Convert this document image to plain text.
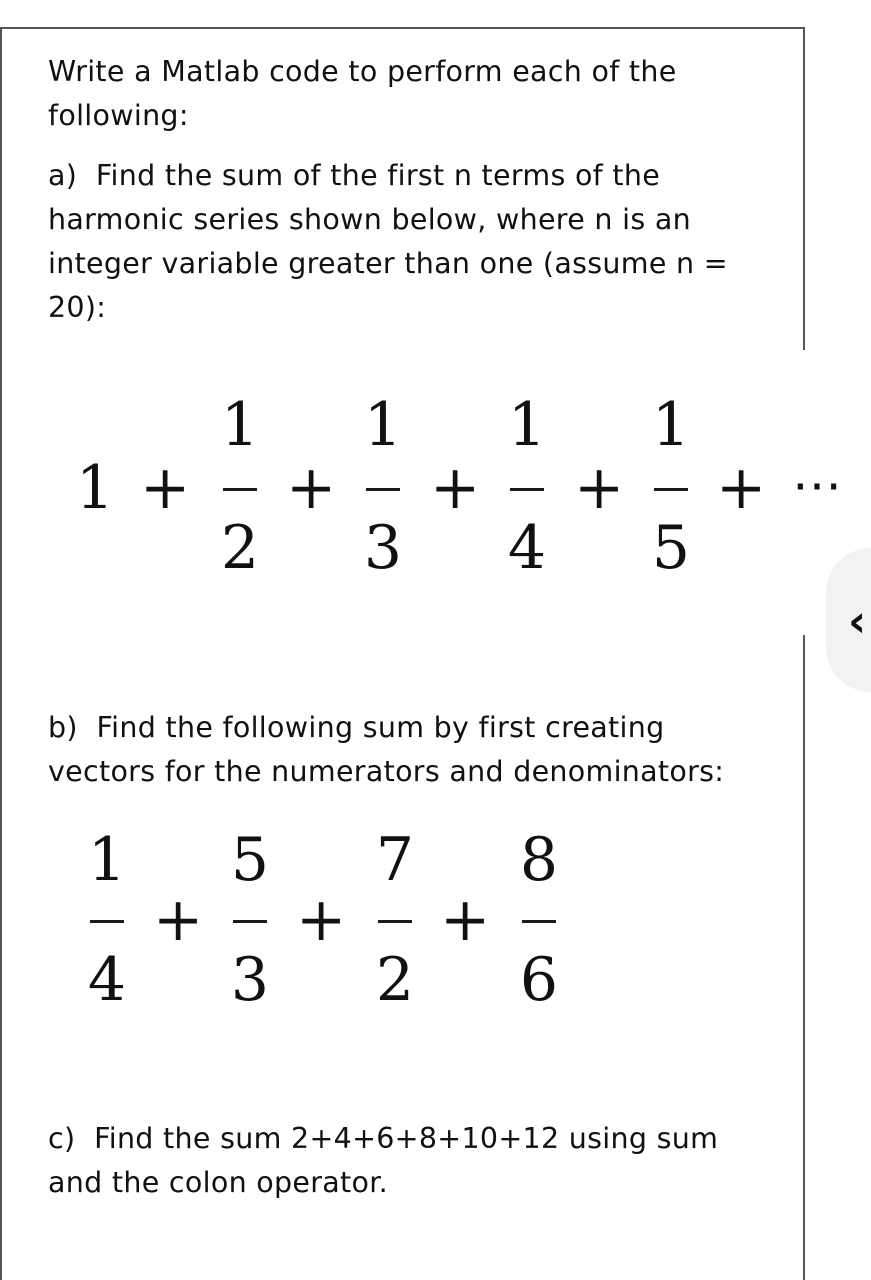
Write a Matlab code to perform each of the
following:
a)  Find the sum of the first n terms of the
harmonic series shown below, where n is an
integer variable greater than one (assume n =
20):
1 +
1
2
+
1
3
+
1
4
+
1
5
+ ⋯
‹
b)  Find the following sum by first creating
vectors for the numerators and denominators:
1
4
+
5
3
+
7
2
+
8
6
c)  Find the sum 2+4+6+8+10+12 using sum
and the colon operator.
